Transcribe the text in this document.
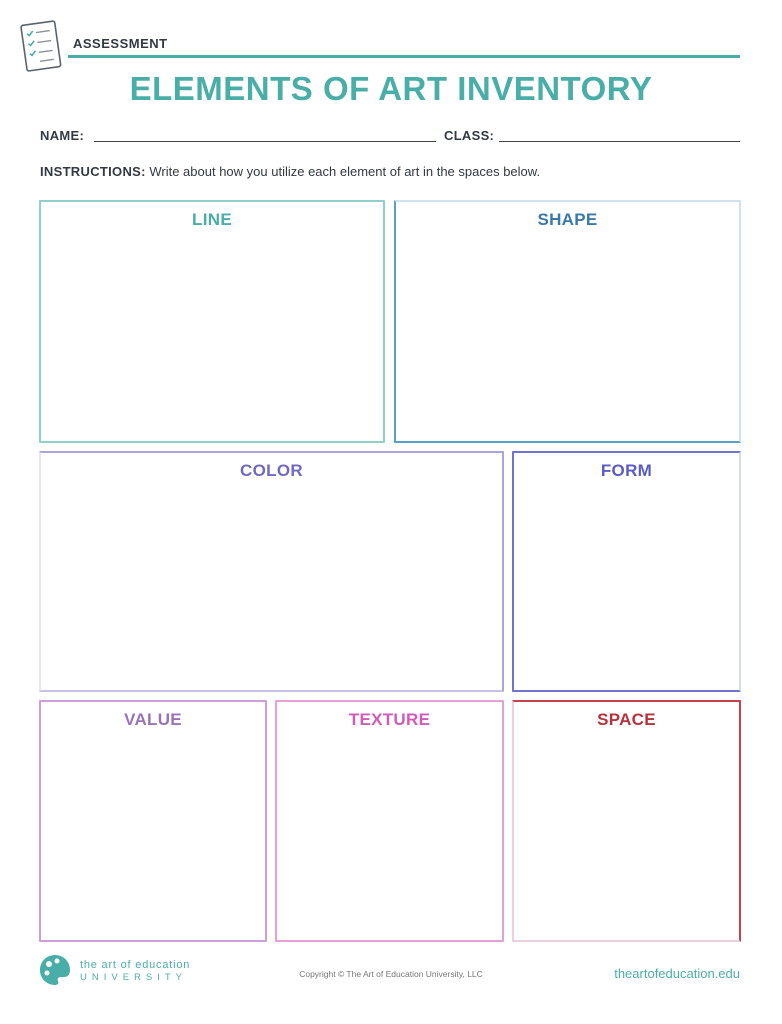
ASSESSMENT
ELEMENTS OF ART INVENTORY
NAME:	CLASS:
INSTRUCTIONS: Write about how you utilize each element of art in the spaces below.
LINE	SHAPE
COLOR	FORM
VALUE	TEXTURE	SPACE
the art of education
UNIVERSITY	Copyright © The Art of Education University, LLC	theartofeducation.edu
